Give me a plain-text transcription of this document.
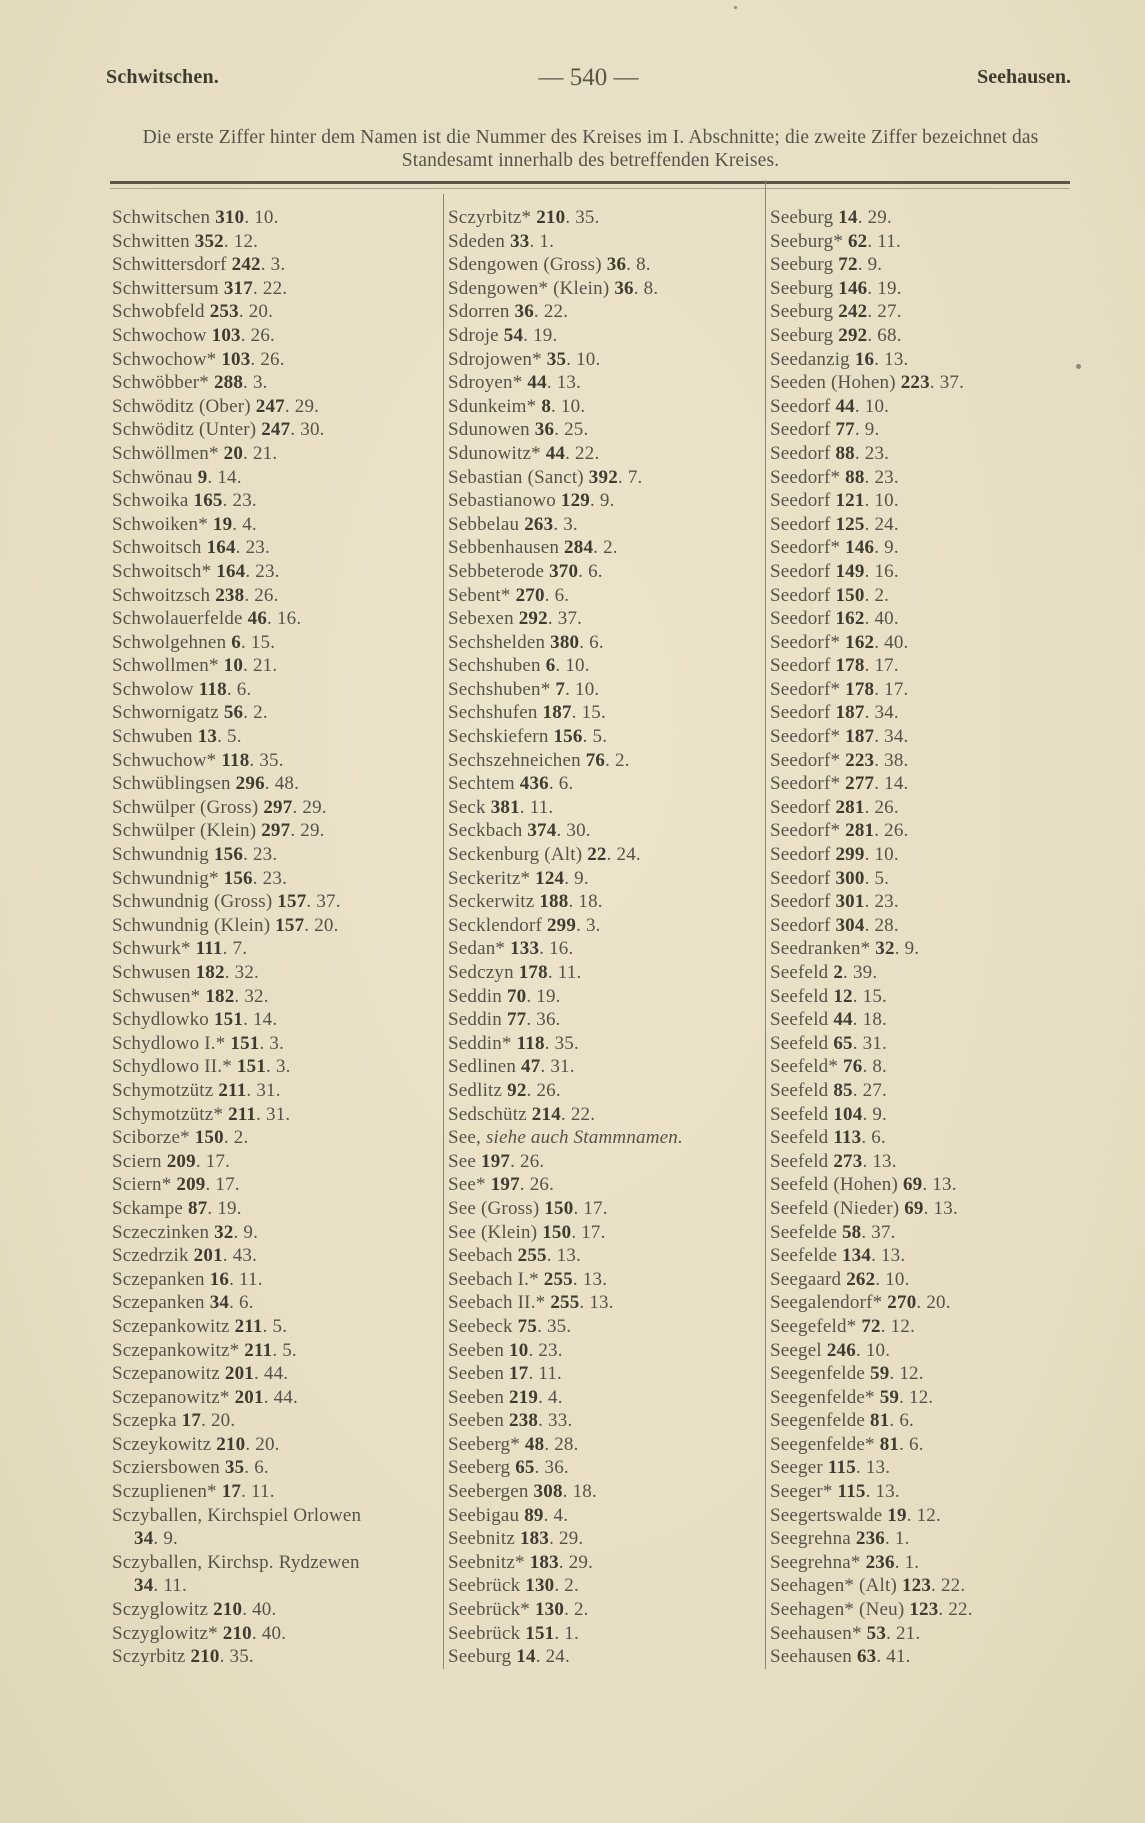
Schwitschen.	— 540 —	Seehausen.
Die erste Ziffer hinter dem Namen ist die Nummer des Kreises im I. Abschnitte; die zweite Ziffer bezeichnet das Standesamt innerhalb des betreffenden Kreises.
Schwitschen 310. 10.
Schwitten 352. 12.
Schwittersdorf 242. 3.
Schwittersum 317. 22.
Schwobfeld 253. 20.
Schwochow 103. 26.
Schwochow* 103. 26.
Schwöbber* 288. 3.
Schwöditz (Ober) 247. 29.
Schwöditz (Unter) 247. 30.
Schwöllmen* 20. 21.
Schwönau 9. 14.
Schwoika 165. 23.
Schwoiken* 19. 4.
Schwoitsch 164. 23.
Schwoitsch* 164. 23.
Schwoitzsch 238. 26.
Schwolauerfelde 46. 16.
Schwolgehnen 6. 15.
Schwollmen* 10. 21.
Schwolow 118. 6.
Schwornigatz 56. 2.
Schwuben 13. 5.
Schwuchow* 118. 35.
Schwüblingsen 296. 48.
Schwülper (Gross) 297. 29.
Schwülper (Klein) 297. 29.
Schwundnig 156. 23.
Schwundnig* 156. 23.
Schwundnig (Gross) 157. 37.
Schwundnig (Klein) 157. 20.
Schwurk* 111. 7.
Schwusen 182. 32.
Schwusen* 182. 32.
Schydlowko 151. 14.
Schydlowo I.* 151. 3.
Schydlowo II.* 151. 3.
Schymotzütz 211. 31.
Schymotzütz* 211. 31.
Sciborze* 150. 2.
Sciern 209. 17.
Sciern* 209. 17.
Sckampe 87. 19.
Sczeczinken 32. 9.
Sczedrzik 201. 43.
Sczepanken 16. 11.
Sczepanken 34. 6.
Sczepankowitz 211. 5.
Sczepankowitz* 211. 5.
Sczepanowitz 201. 44.
Sczepanowitz* 201. 44.
Sczepka 17. 20.
Sczeykowitz 210. 20.
Scziersbowen 35. 6.
Sczuplienen* 17. 11.
Sczyballen, Kirchspiel Orlowen
34. 9.
Sczyballen, Kirchsp. Rydzewen
34. 11.
Sczyglowitz 210. 40.
Sczyglowitz* 210. 40.
Sczyrbitz 210. 35.
Sczyrbitz* 210. 35.
Sdeden 33. 1.
Sdengowen (Gross) 36. 8.
Sdengowen* (Klein) 36. 8.
Sdorren 36. 22.
Sdroje 54. 19.
Sdrojowen* 35. 10.
Sdroyen* 44. 13.
Sdunkeim* 8. 10.
Sdunowen 36. 25.
Sdunowitz* 44. 22.
Sebastian (Sanct) 392. 7.
Sebastianowo 129. 9.
Sebbelau 263. 3.
Sebbenhausen 284. 2.
Sebbeterode 370. 6.
Sebent* 270. 6.
Sebexen 292. 37.
Sechshelden 380. 6.
Sechshuben 6. 10.
Sechshuben* 7. 10.
Sechshufen 187. 15.
Sechskiefern 156. 5.
Sechszehneichen 76. 2.
Sechtem 436. 6.
Seck 381. 11.
Seckbach 374. 30.
Seckenburg (Alt) 22. 24.
Seckeritz* 124. 9.
Seckerwitz 188. 18.
Secklendorf 299. 3.
Sedan* 133. 16.
Sedczyn 178. 11.
Seddin 70. 19.
Seddin 77. 36.
Seddin* 118. 35.
Sedlinen 47. 31.
Sedlitz 92. 26.
Sedschütz 214. 22.
See, siehe auch Stammnamen.
See 197. 26.
See* 197. 26.
See (Gross) 150. 17.
See (Klein) 150. 17.
Seebach 255. 13.
Seebach I.* 255. 13.
Seebach II.* 255. 13.
Seebeck 75. 35.
Seeben 10. 23.
Seeben 17. 11.
Seeben 219. 4.
Seeben 238. 33.
Seeberg* 48. 28.
Seeberg 65. 36.
Seebergen 308. 18.
Seebigau 89. 4.
Seebnitz 183. 29.
Seebnitz* 183. 29.
Seebrück 130. 2.
Seebrück* 130. 2.
Seebrück 151. 1.
Seeburg 14. 24.
Seeburg 14. 29.
Seeburg* 62. 11.
Seeburg 72. 9.
Seeburg 146. 19.
Seeburg 242. 27.
Seeburg 292. 68.
Seedanzig 16. 13.
Seeden (Hohen) 223. 37.
Seedorf 44. 10.
Seedorf 77. 9.
Seedorf 88. 23.
Seedorf* 88. 23.
Seedorf 121. 10.
Seedorf 125. 24.
Seedorf* 146. 9.
Seedorf 149. 16.
Seedorf 150. 2.
Seedorf 162. 40.
Seedorf* 162. 40.
Seedorf 178. 17.
Seedorf* 178. 17.
Seedorf 187. 34.
Seedorf* 187. 34.
Seedorf* 223. 38.
Seedorf* 277. 14.
Seedorf 281. 26.
Seedorf* 281. 26.
Seedorf 299. 10.
Seedorf 300. 5.
Seedorf 301. 23.
Seedorf 304. 28.
Seedranken* 32. 9.
Seefeld 2. 39.
Seefeld 12. 15.
Seefeld 44. 18.
Seefeld 65. 31.
Seefeld* 76. 8.
Seefeld 85. 27.
Seefeld 104. 9.
Seefeld 113. 6.
Seefeld 273. 13.
Seefeld (Hohen) 69. 13.
Seefeld (Nieder) 69. 13.
Seefelde 58. 37.
Seefelde 134. 13.
Seegaard 262. 10.
Seegalendorf* 270. 20.
Seegefeld* 72. 12.
Seegel 246. 10.
Seegenfelde 59. 12.
Seegenfelde* 59. 12.
Seegenfelde 81. 6.
Seegenfelde* 81. 6.
Seeger 115. 13.
Seeger* 115. 13.
Seegertswalde 19. 12.
Seegrehna 236. 1.
Seegrehna* 236. 1.
Seehagen* (Alt) 123. 22.
Seehagen* (Neu) 123. 22.
Seehausen* 53. 21.
Seehausen 63. 41.
